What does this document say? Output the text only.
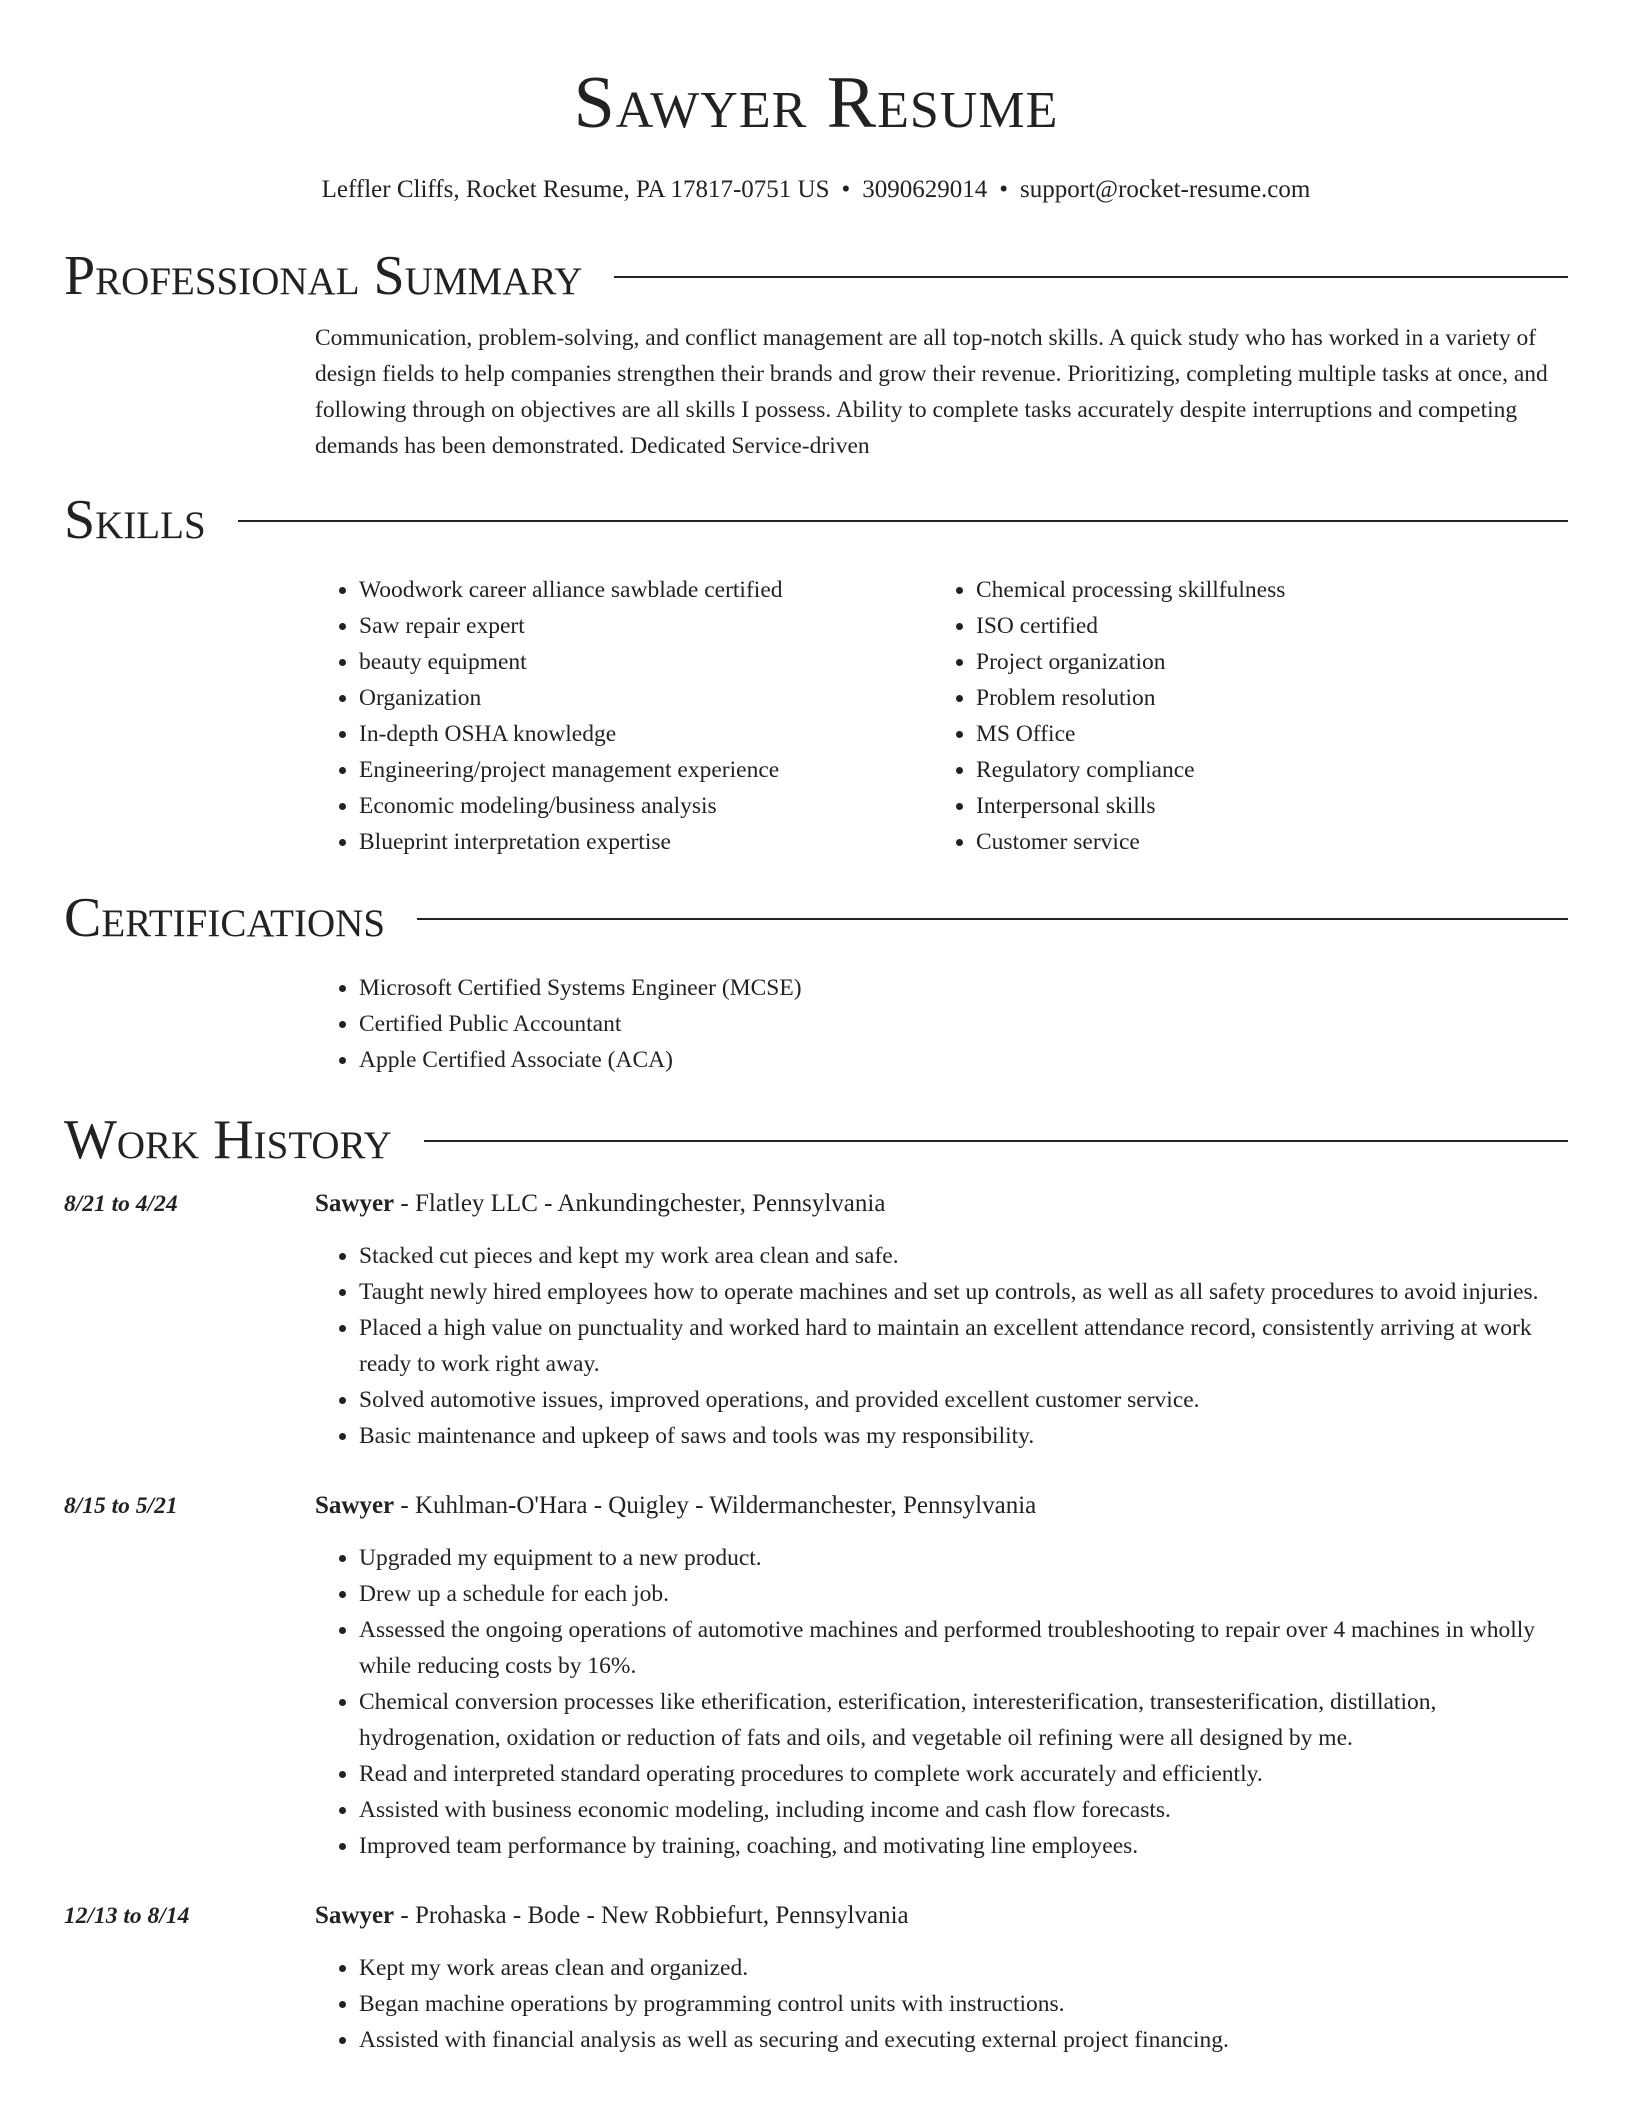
Sawyer Resume
Leffler Cliffs, Rocket Resume, PA 17817-0751 US • 3090629014 • support@rocket-resume.com
Professional Summary

Communication, problem-solving, and conflict management are all top-notch skills. A quick study who has worked in a variety of design fields to help companies strengthen their brands and grow their revenue. Prioritizing, completing multiple tasks at once, and following through on objectives are all skills I possess. Ability to complete tasks accurately despite interruptions and competing demands has been demonstrated. Dedicated Service-driven

Skills
• Woodwork career alliance sawblade certified
• Saw repair expert
• beauty equipment
• Organization
• In-depth OSHA knowledge
• Engineering/project management experience
• Economic modeling/business analysis
• Blueprint interpretation expertise
• Chemical processing skillfulness
• ISO certified
• Project organization
• Problem resolution
• MS Office
• Regulatory compliance
• Interpersonal skills
• Customer service
Certifications
• Microsoft Certified Systems Engineer (MCSE)
• Certified Public Accountant
• Apple Certified Associate (ACA)
Work History
8/21 to 4/24	Sawyer - Flatley LLC - Ankundingchester, Pennsylvania
• Stacked cut pieces and kept my work area clean and safe.
• Taught newly hired employees how to operate machines and set up controls, as well as all safety procedures to avoid injuries.
• Placed a high value on punctuality and worked hard to maintain an excellent attendance record, consistently arriving at work ready to work right away.
• Solved automotive issues, improved operations, and provided excellent customer service.
• Basic maintenance and upkeep of saws and tools was my responsibility.
8/15 to 5/21	Sawyer - Kuhlman-O'Hara - Quigley - Wildermanchester, Pennsylvania
• Upgraded my equipment to a new product.
• Drew up a schedule for each job.
• Assessed the ongoing operations of automotive machines and performed troubleshooting to repair over 4 machines in wholly while reducing costs by 16%.
• Chemical conversion processes like etherification, esterification, interesterification, transesterification, distillation, hydrogenation, oxidation or reduction of fats and oils, and vegetable oil refining were all designed by me.
• Read and interpreted standard operating procedures to complete work accurately and efficiently.
• Assisted with business economic modeling, including income and cash flow forecasts.
• Improved team performance by training, coaching, and motivating line employees.
12/13 to 8/14	Sawyer - Prohaska - Bode - New Robbiefurt, Pennsylvania
• Kept my work areas clean and organized.
• Began machine operations by programming control units with instructions.
• Assisted with financial analysis as well as securing and executing external project financing.
